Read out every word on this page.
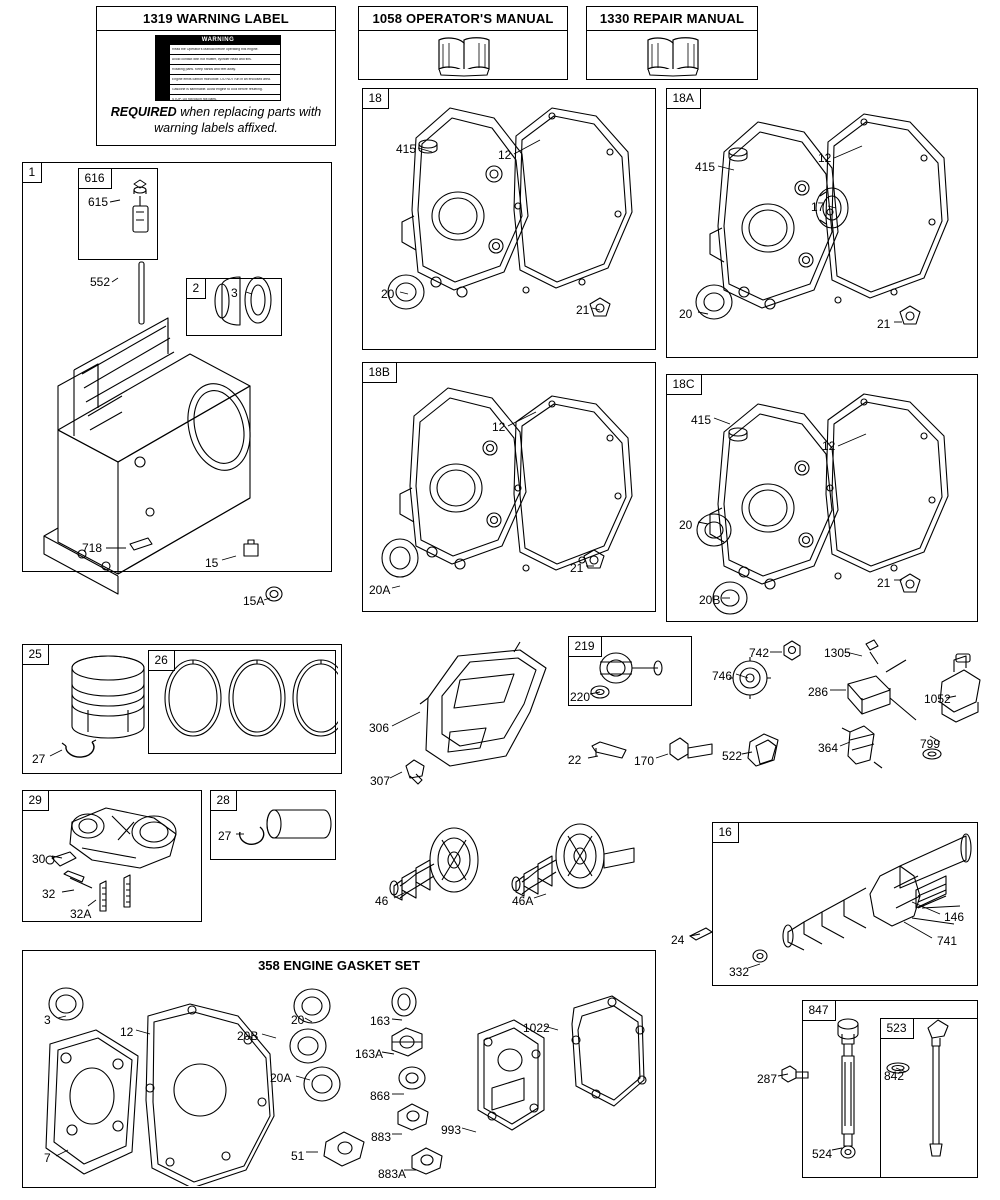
1319 WARNING LABEL
WARNING
Read the Operator's Manual before operating this engine.
Avoid contact with hot muffler, cylinder head and fins.
Rotating parts. Keep hands and feet away.
Engine emits carbon monoxide. DO NOT run in an enclosed area.
Gasoline is flammable. Allow engine to cool before refueling.
STOP. Do not touch hot parts.
REQUIRED when replacing parts with warning labels affixed.
1058 OPERATOR'S MANUAL	1330 REPAIR MANUAL
1	616
2
18	18A
18B
18C
25	26
29	28
219
16
847
523
358 ENGINE GASKET SET
615
552
3
718
15
15A
415	12
20
21
415
12
17
20
21
12
20A
21
415
12
20
20B
21
27
306
307
220
742
746
1305
286	1052
799
22	170	522
364
30
32
32A
27
46	46A
24
146
741
332
3
12	20B
20	163	1022
163A
20A
868
883	993
51
883A
7
287	842
524
